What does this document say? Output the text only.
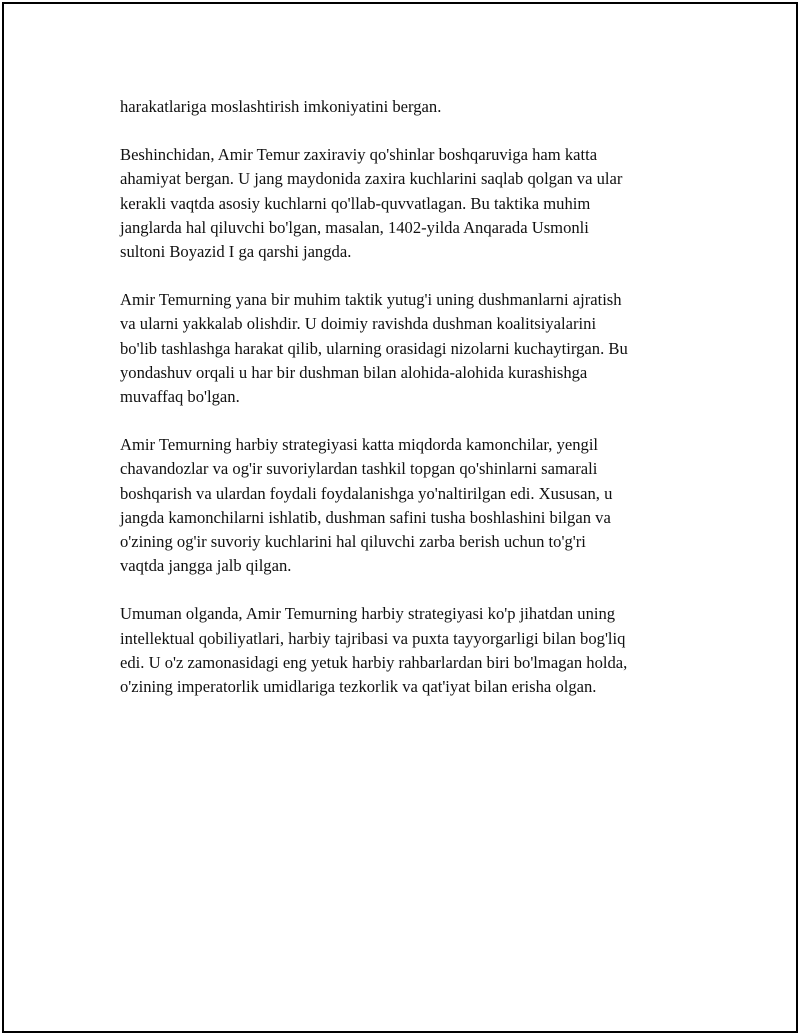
harakatlariga moslashtirish imkoniyatini bergan.

Beshinchidan, Amir Temur zaxiraviy qo'shinlar boshqaruviga ham katta
ahamiyat bergan. U jang maydonida zaxira kuchlarini saqlab qolgan va ular
kerakli vaqtda asosiy kuchlarni qo'llab-quvvatlagan. Bu taktika muhim
janglarda hal qiluvchi bo'lgan, masalan, 1402-yilda Anqarada Usmonli
sultoni Boyazid I ga qarshi jangda.

Amir Temurning yana bir muhim taktik yutug'i uning dushmanlarni ajratish
va ularni yakkalab olishdir. U doimiy ravishda dushman koalitsiyalarini
bo'lib tashlashga harakat qilib, ularning orasidagi nizolarni kuchaytirgan. Bu
yondashuv orqali u har bir dushman bilan alohida-alohida kurashishga
muvaffaq bo'lgan.

Amir Temurning harbiy strategiyasi katta miqdorda kamonchilar, yengil
chavandozlar va og'ir suvoriylardan tashkil topgan qo'shinlarni samarali
boshqarish va ulardan foydali foydalanishga yo'naltirilgan edi. Xususan, u
jangda kamonchilarni ishlatib, dushman safini tusha boshlashini bilgan va
o'zining og'ir suvoriy kuchlarini hal qiluvchi zarba berish uchun to'g'ri
vaqtda jangga jalb qilgan.

Umuman olganda, Amir Temurning harbiy strategiyasi ko'p jihatdan uning
intellektual qobiliyatlari, harbiy tajribasi va puxta tayyorgarligi bilan bog'liq
edi. U o'z zamonasidagi eng yetuk harbiy rahbarlardan biri bo'lmagan holda,
o'zining imperatorlik umidlariga tezkorlik va qat'iyat bilan erisha olgan.
